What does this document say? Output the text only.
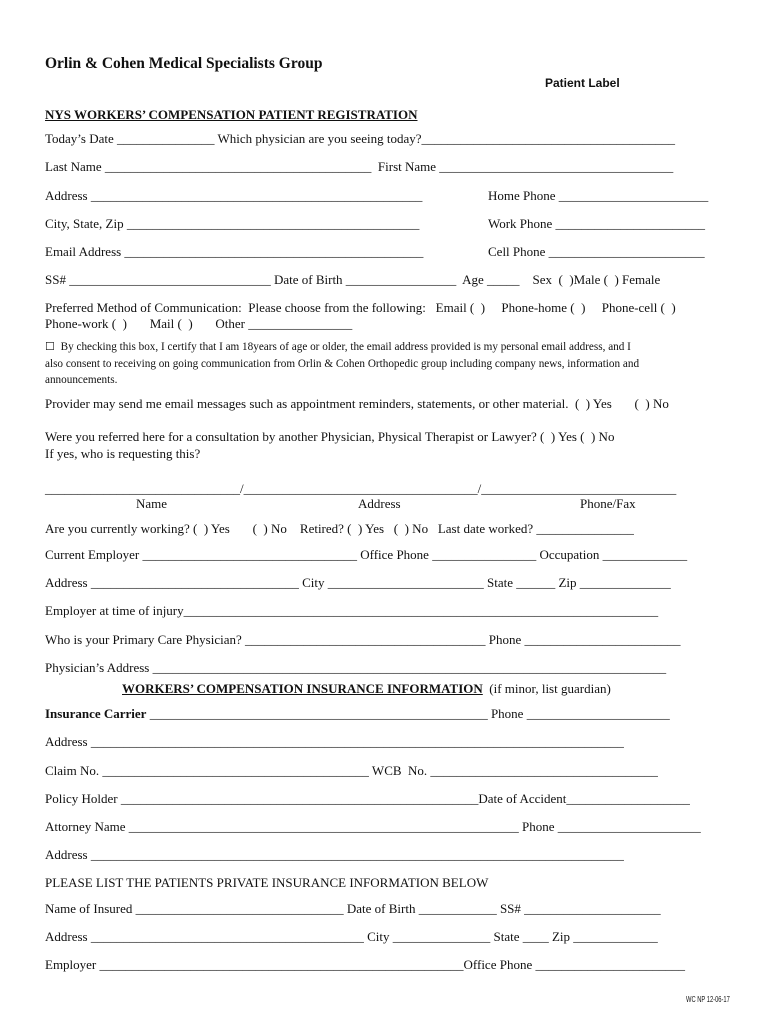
Orlin & Cohen Medical Specialists Group
Patient Label
NYS WORKERS’ COMPENSATION PATIENT REGISTRATION
Today’s Date _______________ Which physician are you seeing today?_______________________________________
Last Name _________________________________________  First Name ____________________________________
Address ___________________________________________________	Home Phone _______________________
City, State, Zip _____________________________________________	Work Phone _______________________
Email Address ______________________________________________	Cell Phone ________________________
SS# _______________________________ Date of Birth _________________  Age _____    Sex  (  )Male (  ) Female
Preferred Method of Communication:  Please choose from the following:   Email (  )     Phone-home (  )     Phone-cell (  )
Phone-work (  )       Mail (  )       Other ________________
☐  By checking this box, I certify that I am 18years of age or older, the email address provided is my personal email address, and I
also consent to receiving on going communication from Orlin & Cohen Orthopedic group including company news, information and
announcements.
Provider may send me email messages such as appointment reminders, statements, or other material.  (  ) Yes       (  ) No
Were you referred here for a consultation by another Physician, Physical Therapist or Lawyer? (  ) Yes (  ) No
If yes, who is requesting this?
______________________________/____________________________________/______________________________
Name	Address	Phone/Fax
Are you currently working? (  ) Yes       (  ) No    Retired? (  ) Yes   (  ) No   Last date worked? _______________
Current Employer _________________________________ Office Phone ________________ Occupation _____________
Address ________________________________ City ________________________ State ______ Zip ______________
Employer at time of injury_________________________________________________________________________
Who is your Primary Care Physician? _____________________________________ Phone ________________________
Physician’s Address _______________________________________________________________________________
WORKERS’ COMPENSATION INSURANCE INFORMATION  (if minor, list guardian)
Insurance Carrier ____________________________________________________ Phone ______________________
Address __________________________________________________________________________________
Claim No. _________________________________________ WCB  No. ___________________________________
Policy Holder _______________________________________________________Date of Accident___________________
Attorney Name ____________________________________________________________ Phone ______________________
Address __________________________________________________________________________________
PLEASE LIST THE PATIENTS PRIVATE INSURANCE INFORMATION BELOW
Name of Insured ________________________________ Date of Birth ____________ SS# _____________________
Address __________________________________________ City _______________ State ____ Zip _____________
Employer ________________________________________________________Office Phone _______________________
WC NP 12-06-17
